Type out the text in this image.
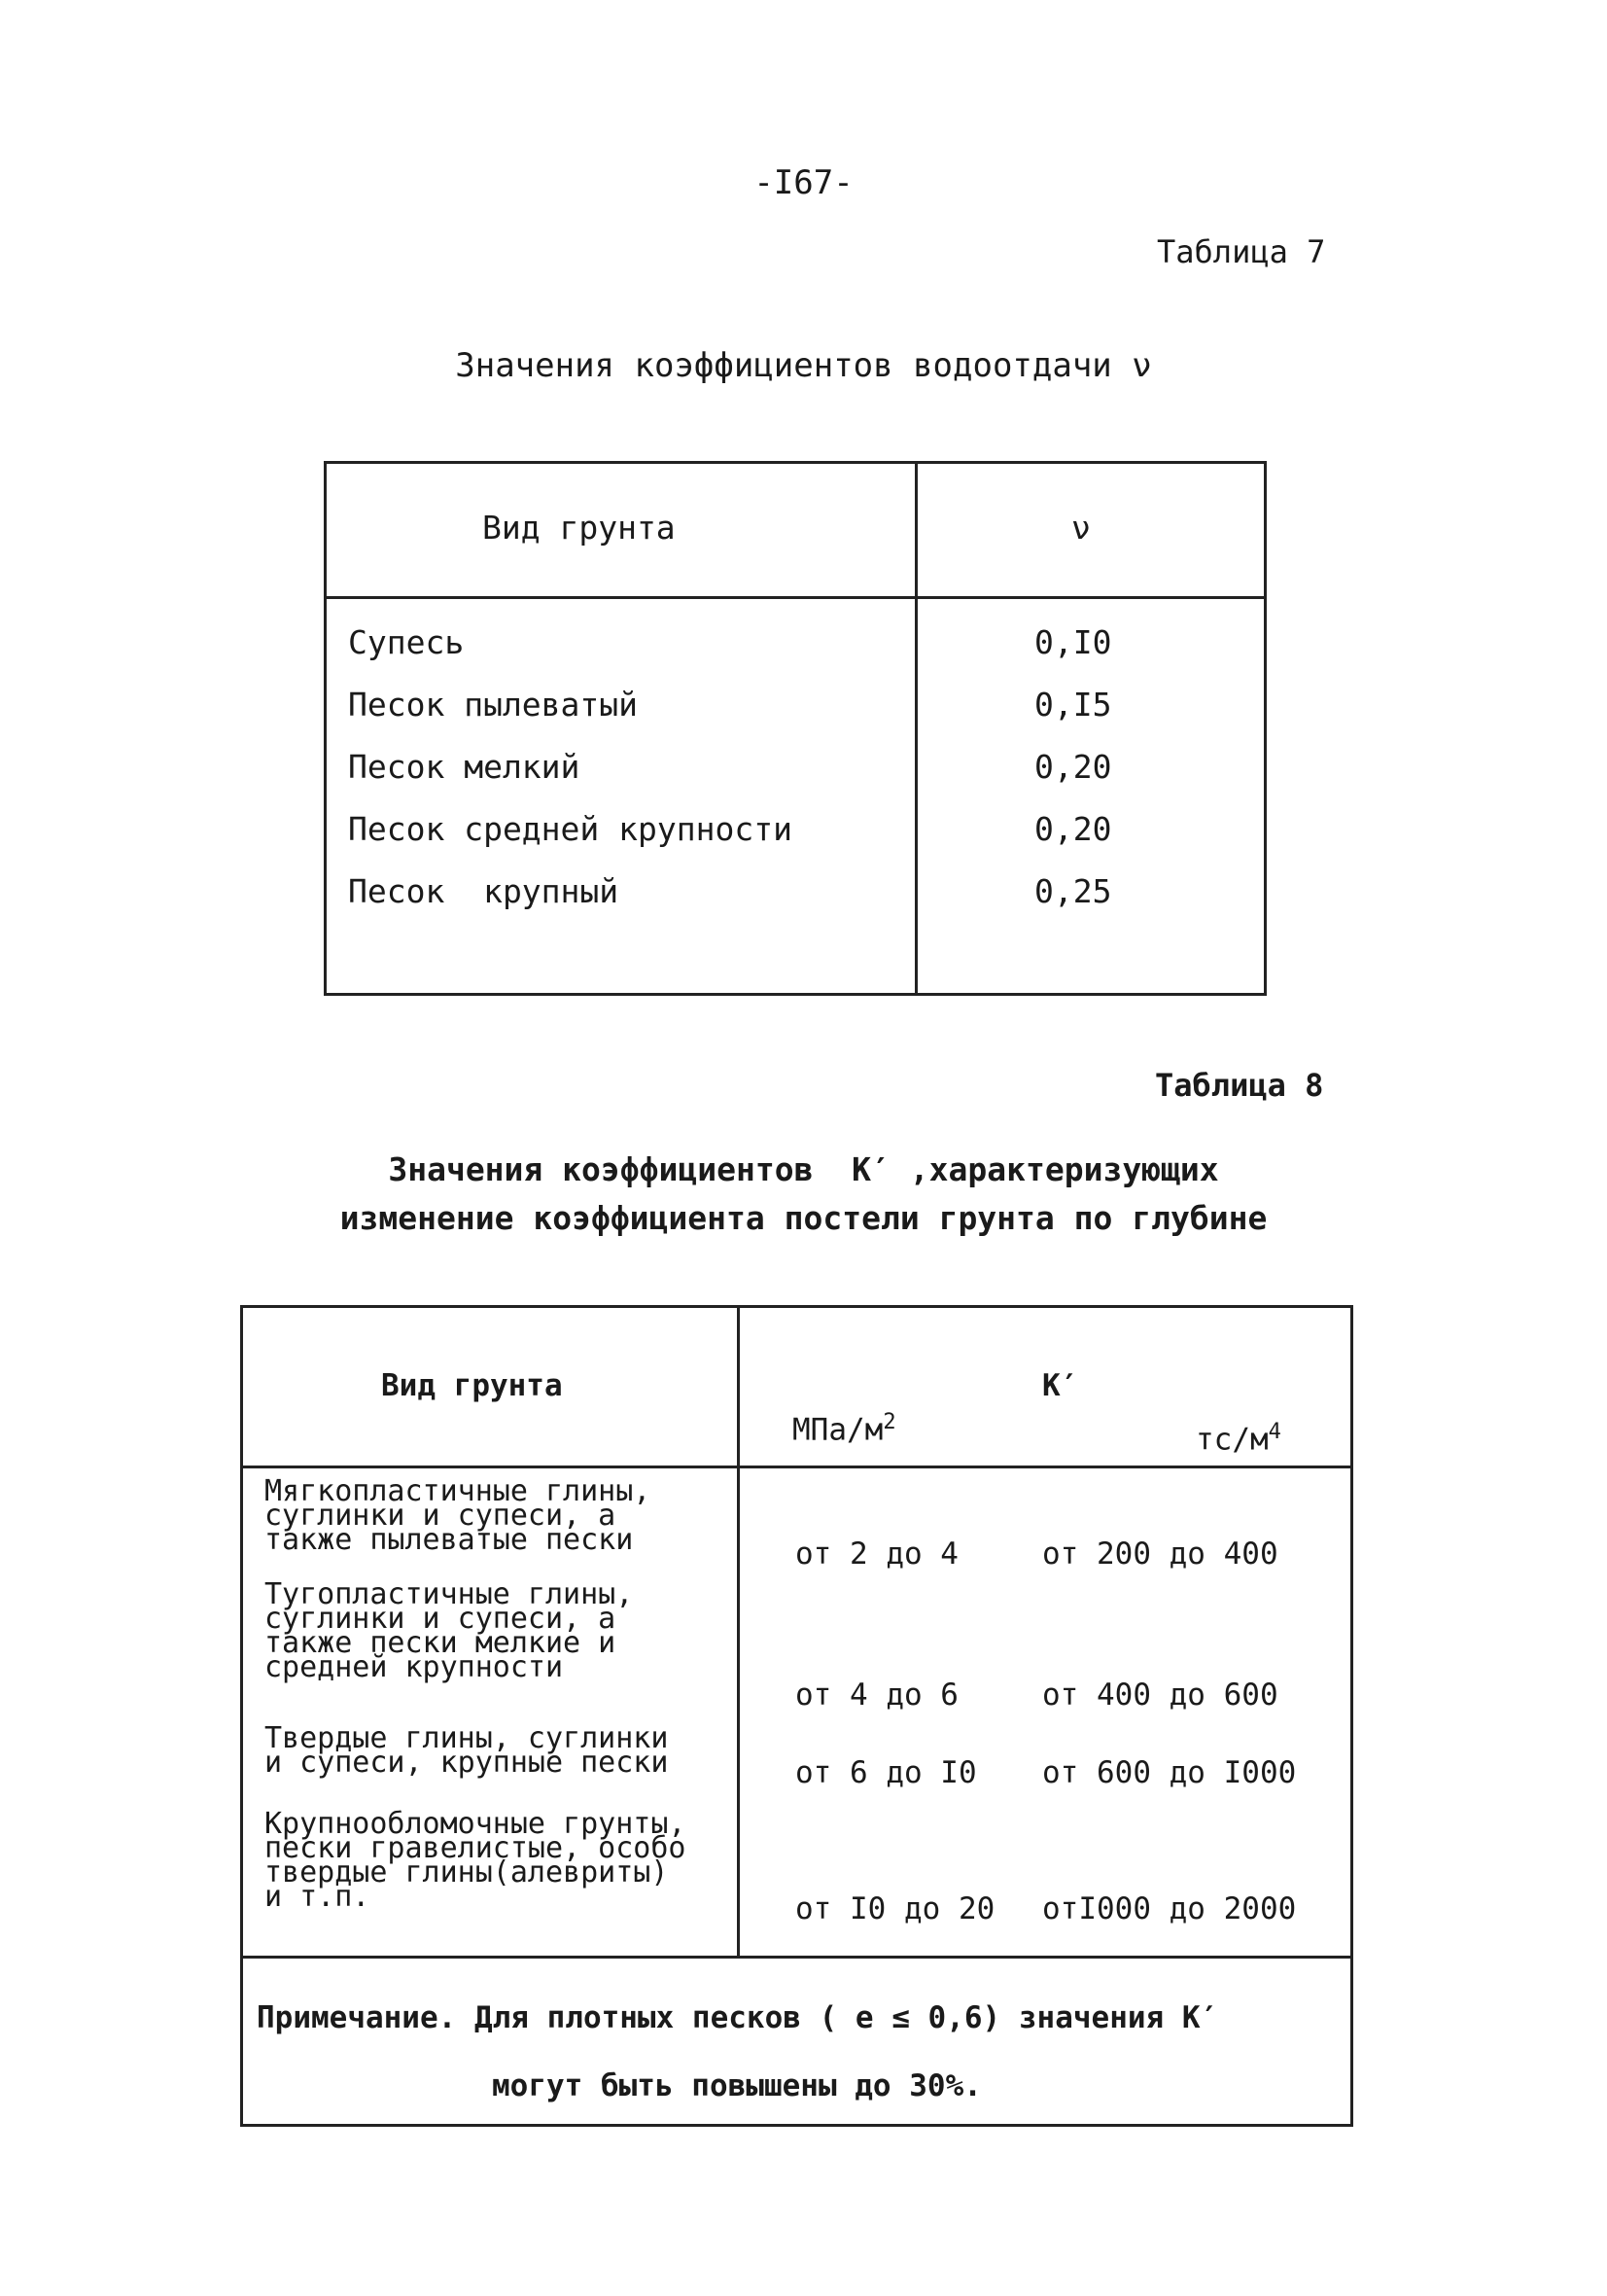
-I67-
Таблица 7
Значения коэффициентов водоотдачи ν
Вид грунта	ν
Супесь	0,I0
Песок пылеватый	0,I5
Песок мелкий	0,20
Песок средней крупности	0,20
Песок  крупный	0,25
Таблица 8
Значения коэффициентов  К′ ,характеризующих
изменение коэффициента постели грунта по глубине
Вид грунта	К′
МПа/$м^2$	$тс/м^4$
Мягкопластичные глины,
суглинки и супеси, а
также пылеватые пески	от 2 до 4	от 200 до 400
Тугопластичные глины,
суглинки и супеси, а
также пески мелкие и
средней крупности
от 4 до 6	от 400 до 600
Твердые глины, суглинки
и супеси, крупные пески	от 6 до I0 от 600 до I000
Крупнообломочные грунты,
пески гравелистые, особо
твердые глины(алевриты)
и т.п.	от I0 до 20 отI000 до 2000
Примечание. Для плотных песков ( е ≤ 0,6) значения К′
могут быть повышены до 30%.
